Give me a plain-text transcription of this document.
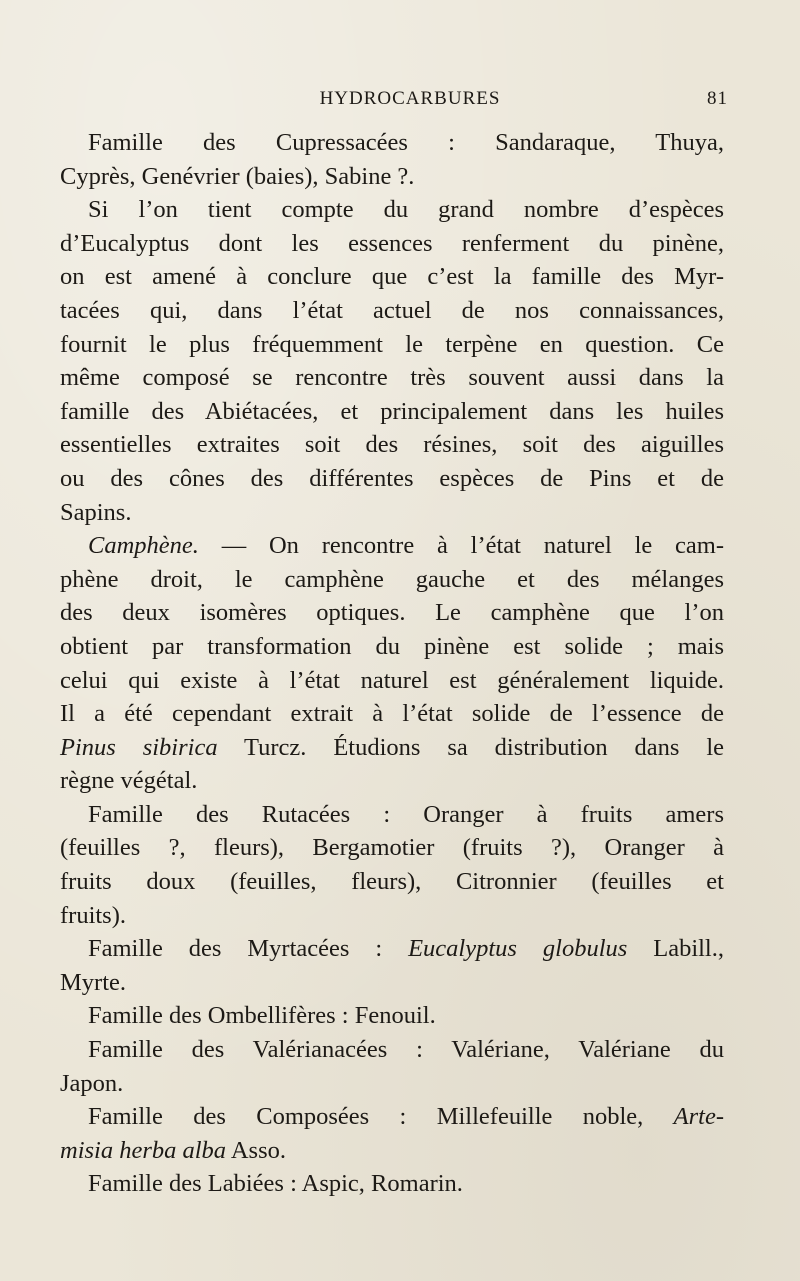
HYDROCARBURES	81

Famille des Cupressacées : Sandaraque, Thuya,
Cyprès, Genévrier (baies), Sabine ?.

Si l’on tient compte du grand nombre d’espèces
d’Eucalyptus dont les essences renferment du pinène,
on est amené à conclure que c’est la famille des Myr-
tacées qui, dans l’état actuel de nos connaissances,
fournit le plus fréquemment le terpène en question. Ce
même composé se rencontre très souvent aussi dans la
famille des Abiétacées, et principalement dans les huiles
essentielles extraites soit des résines, soit des aiguilles
ou des cônes des différentes espèces de Pins et de
Sapins.

Camphène. — On rencontre à l’état naturel le cam-
phène droit, le camphène gauche et des mélanges
des deux isomères optiques. Le camphène que l’on
obtient par transformation du pinène est solide ; mais
celui qui existe à l’état naturel est généralement liquide.
Il a été cependant extrait à l’état solide de l’essence de
Pinus sibirica Turcz. Étudions sa distribution dans le
règne végétal.

Famille des Rutacées : Oranger à fruits amers
(feuilles ?, fleurs), Bergamotier (fruits ?), Oranger à
fruits doux (feuilles, fleurs), Citronnier (feuilles et
fruits).

Famille des Myrtacées : Eucalyptus globulus Labill.,
Myrte.

Famille des Ombellifères : Fenouil.

Famille des Valérianacées : Valériane, Valériane du
Japon.

Famille des Composées : Millefeuille noble, Arte-
misia herba alba Asso.

Famille des Labiées : Aspic, Romarin.
